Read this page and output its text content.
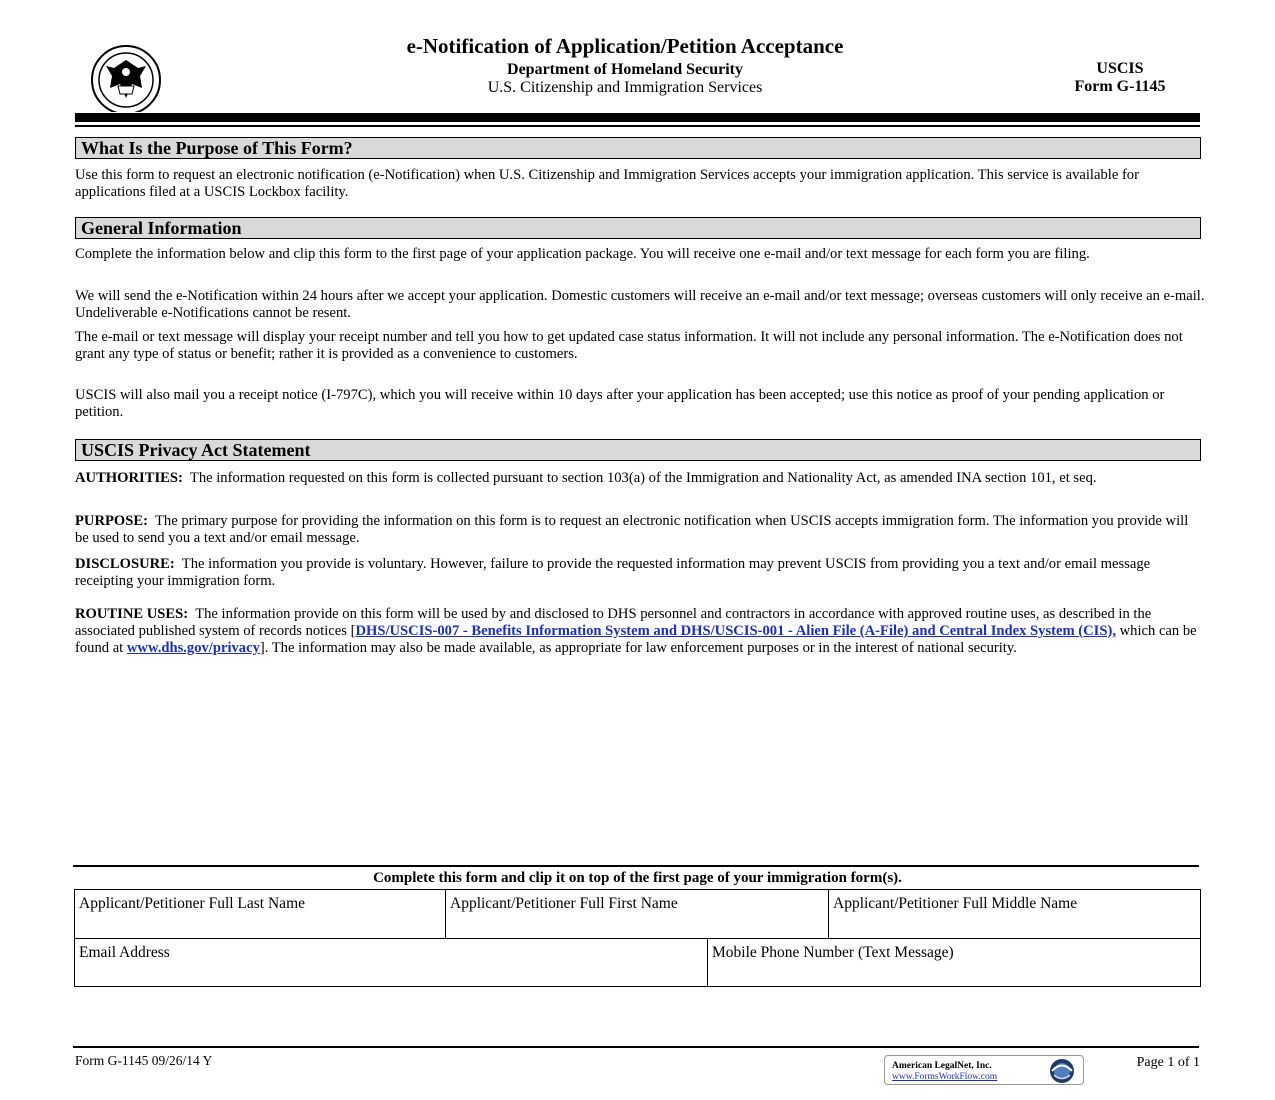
e-Notification of Application/Petition Acceptance
Department of Homeland Security
U.S. Citizenship and Immigration Services
USCIS
Form G-1145
What Is the Purpose of This Form?
Use this form to request an electronic notification (e-Notification) when U.S. Citizenship and Immigration Services accepts your immigration application. This service is available for applications filed at a USCIS Lockbox facility.
General Information
Complete the information below and clip this form to the first page of your application package. You will receive one e-mail and/or text message for each form you are filing.
We will send the e-Notification within 24 hours after we accept your application. Domestic customers will receive an e-mail and/or text message; overseas customers will only receive an e-mail. Undeliverable e-Notifications cannot be resent.
The e-mail or text message will display your receipt number and tell you how to get updated case status information. It will not include any personal information. The e-Notification does not grant any type of status or benefit; rather it is provided as a convenience to customers.
USCIS will also mail you a receipt notice (I-797C), which you will receive within 10 days after your application has been accepted; use this notice as proof of your pending application or petition.
USCIS Privacy Act Statement
AUTHORITIES: The information requested on this form is collected pursuant to section 103(a) of the Immigration and Nationality Act, as amended INA section 101, et seq.
PURPOSE: The primary purpose for providing the information on this form is to request an electronic notification when USCIS accepts immigration form. The information you provide will be used to send you a text and/or email message.
DISCLOSURE: The information you provide is voluntary. However, failure to provide the requested information may prevent USCIS from providing you a text and/or email message receipting your immigration form.
ROUTINE USES: The information provide on this form will be used by and disclosed to DHS personnel and contractors in accordance with approved routine uses, as described in the associated published system of records notices [DHS/USCIS-007 - Benefits Information System and DHS/USCIS-001 - Alien File (A-File) and Central Index System (CIS), which can be found at www.dhs.gov/privacy]. The information may also be made available, as appropriate for law enforcement purposes or in the interest of national security.
Complete this form and clip it on top of the first page of your immigration form(s).
Applicant/Petitioner Full Last Name	Applicant/Petitioner Full First Name	Applicant/Petitioner Full Middle Name
Email Address	Mobile Phone Number (Text Message)
Form G-1145 09/26/14 Y	American LegalNet, Inc.
www.FormsWorkFlow.com
Page 1 of 1
